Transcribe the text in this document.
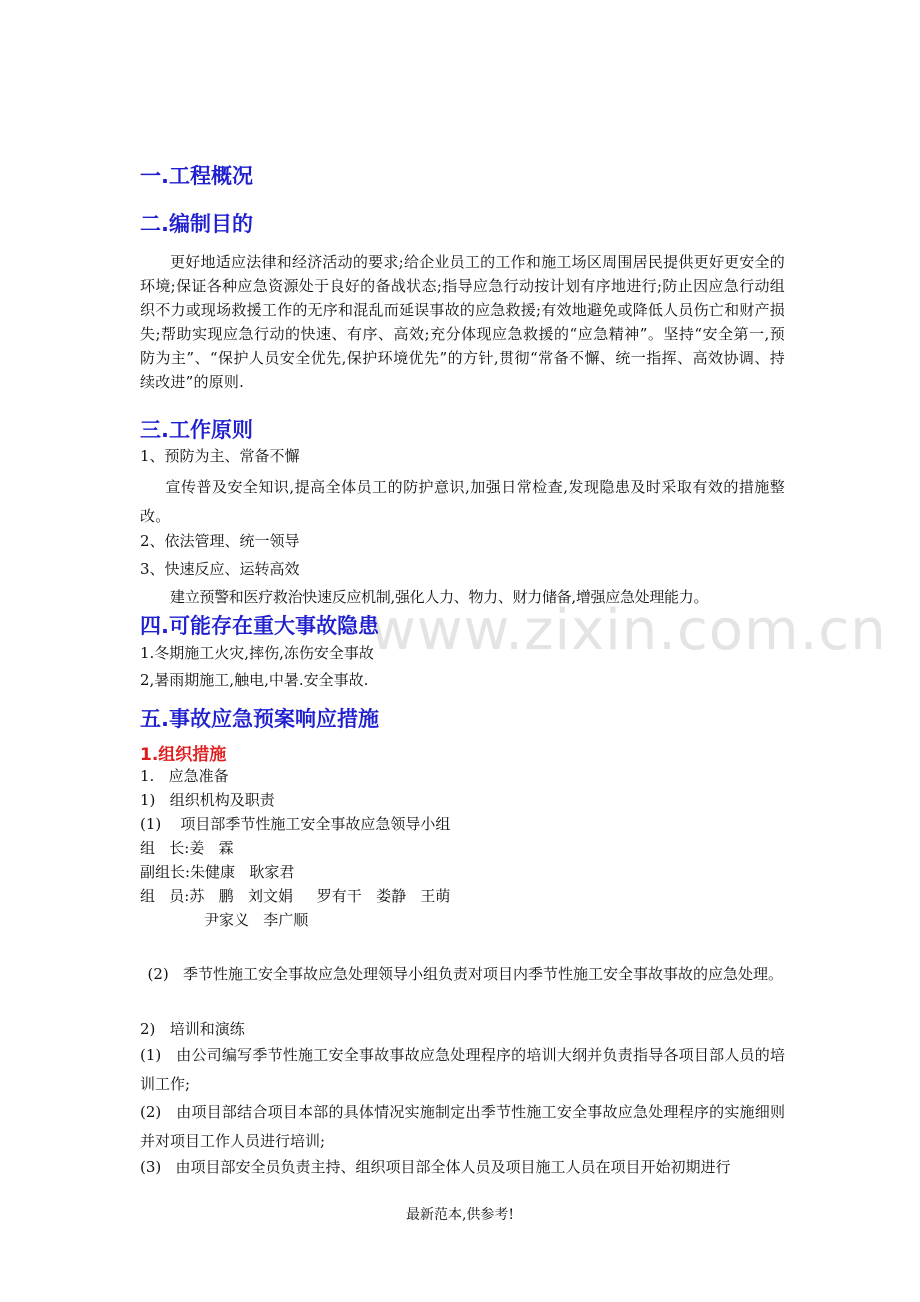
www.zixin.com.cn
一.工程概况
二.编制目的
更好地适应法律和经济活动的要求;给企业员工的工作和施工场区周围居民提供更好更安全的环境;保证各种应急资源处于良好的备战状态;指导应急行动按计划有序地进行;防止因应急行动组织不力或现场救援工作的无序和混乱而延误事故的应急救援;有效地避免或降低人员伤亡和财产损失;帮助实现应急行动的快速、有序、高效;充分体现应急救援的“应急精神”。坚持“安全第一,预防为主”、“保护人员安全优先,保护环境优先”的方针,贯彻“常备不懈、统一指挥、高效协调、持续改进”的原则.
三.工作原则
1、预防为主、常备不懈
宣传普及安全知识,提高全体员工的防护意识,加强日常检查,发现隐患及时采取有效的措施整改。
2、依法管理、统一领导
3、快速反应、运转高效
建立预警和医疗救治快速反应机制,强化人力、物力、财力储备,增强应急处理能力。
四.可能存在重大事故隐患
1.冬期施工火灾,摔伤,冻伤安全事故
2,暑雨期施工,触电,中暑.安全事故.
五.事故应急预案响应措施
1.组织措施
1.   应急准备
1)   组织机构及职责
(1)    项目部季节性施工安全事故应急领导小组
组   长:姜   霖
副组长:朱健康   耿家君
组   员:苏   鹏   刘文娟     罗有干   娄静   王萌
尹家义   李广顺
(2)   季节性施工安全事故应急处理领导小组负责对项目内季节性施工安全事故事故的应急处理。
2)   培训和演练
(1)   由公司编写季节性施工安全事故事故应急处理程序的培训大纲并负责指导各项目部人员的培训工作;
(2)   由项目部结合项目本部的具体情况实施制定出季节性施工安全事故应急处理程序的实施细则并对项目工作人员进行培训;
(3)   由项目部安全员负责主持、组织项目部全体人员及项目施工人员在项目开始初期进行
最新范本,供参考!
